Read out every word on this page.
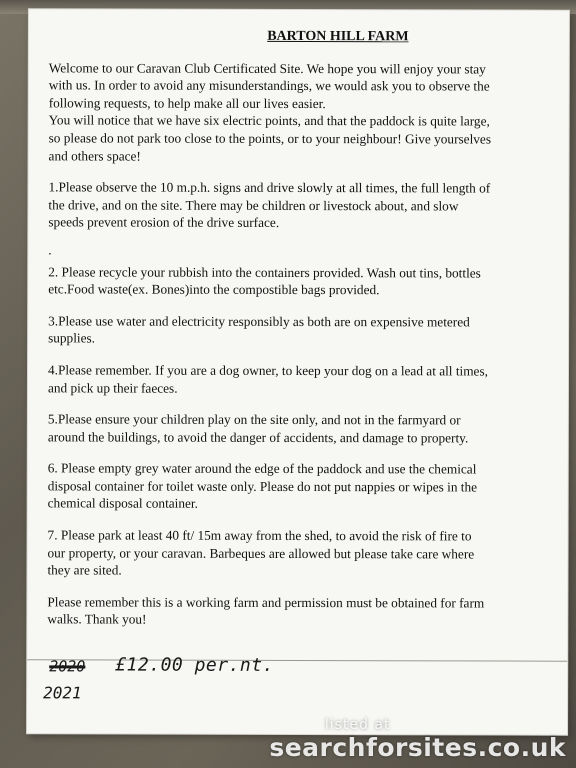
BARTON HILL FARM
Welcome to our Caravan Club Certificated Site. We hope you will enjoy your stay
with us. In order to avoid any misunderstandings, we would ask you to observe the
following requests, to help make all our lives easier.
You will notice that we have six electric points, and that the paddock is quite large,
so please do not park too close to the points, or to your neighbour! Give yourselves
and others space!
1.Please observe the 10 m.p.h. signs and drive slowly at all times, the full length of
the drive, and on the site. There may be children or livestock about, and slow
speeds prevent erosion of the drive surface.
.
2. Please recycle your rubbish into the containers provided. Wash out tins, bottles
etc.Food waste(ex. Bones)into the compostible bags provided.
3.Please use water and electricity responsibly as both are on expensive metered
supplies.
4.Please remember. If you are a dog owner, to keep your dog on a lead at all times,
and pick up their faeces.
5.Please ensure your children play on the site only, and not in the farmyard or
around the buildings, to avoid the danger of accidents, and damage to property.
6. Please empty grey water around the edge of the paddock and use the chemical
disposal container for toilet waste only. Please do not put nappies or wipes in the
chemical disposal container.
7. Please park at least 40 ft/ 15m away from the shed, to avoid the risk of fire to
our property, or your caravan. Barbeques are allowed but please take care where
they are sited.
Please remember this is a working farm and permission must be obtained for farm
walks. Thank you!
2020 £12.00 per.nt.
2021
listed at
searchforsites.co.uk
